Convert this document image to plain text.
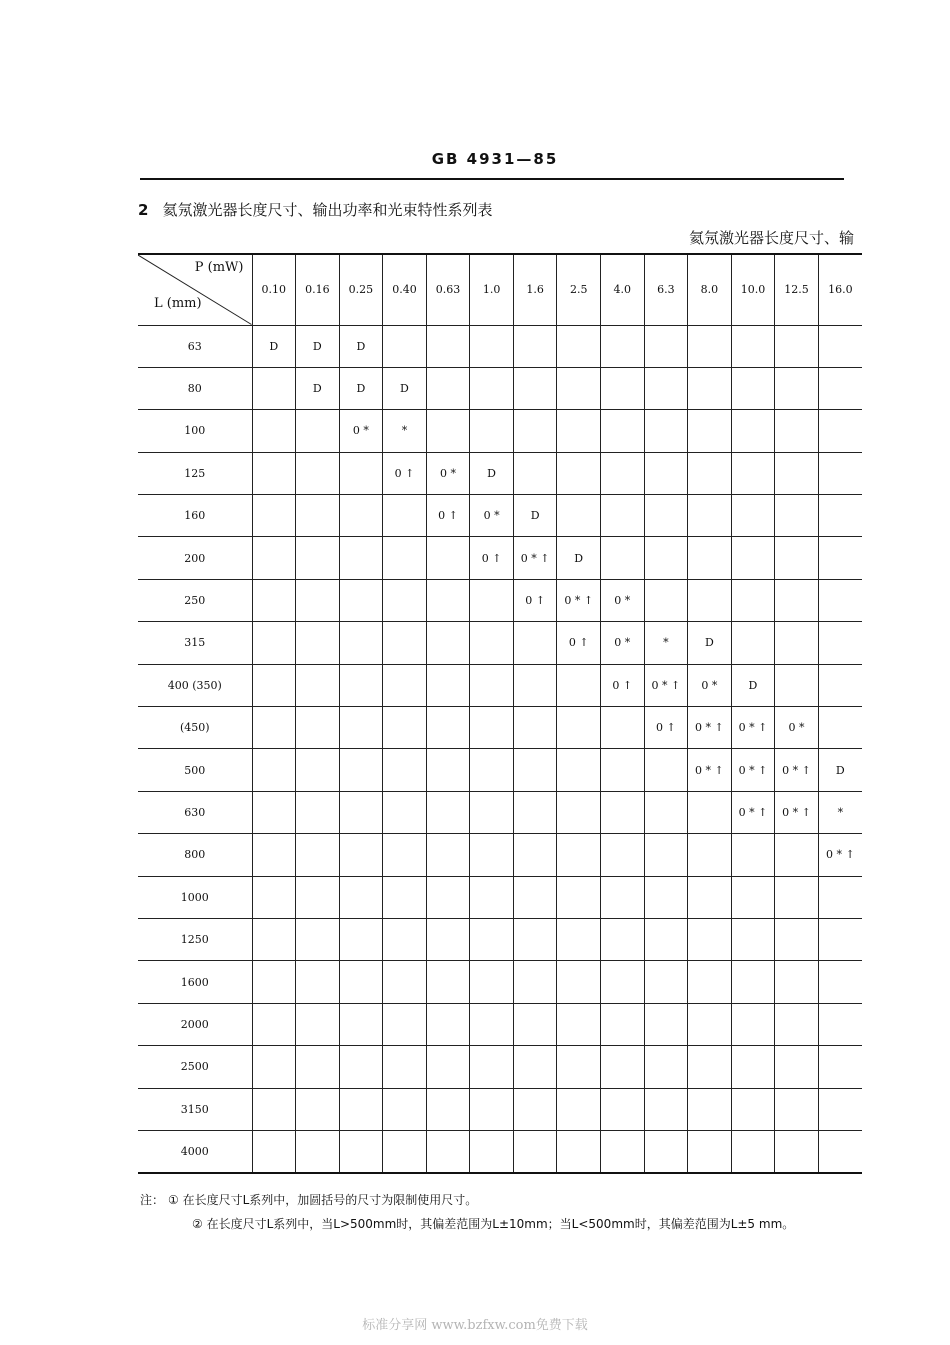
GB 4931—85
2 氦氖激光器长度尺寸、输出功率和光束特性系列表
氦氖激光器长度尺寸、输
P (mW)
L (mm)	0.10	0.16	0.25	0.40	0.63	1.0	1.6	2.5	4.0	6.3	8.0	10.0	12.5	16.0
63	D	D	D											
80		D	D	D										
100			0 *	*										
125				0 ↑	0 *	D								
160					0 ↑	0 *	D							
200						0 ↑	0 * ↑	D						
250							0 ↑	0 * ↑	0 *					
315								0 ↑	0 *	*	D			
400 (350)									0 ↑	0 * ↑	0 *	D		
(450)										0 ↑	0 * ↑	0 * ↑	0 *	
500											0 * ↑	0 * ↑	0 * ↑	D
630												0 * ↑	0 * ↑	*
800														0 * ↑
1000														
1250														
1600														
2000														
2500														
3150														
4000														
注： ① 在长度尺寸L系列中，加圆括号的尺寸为限制使用尺寸。
② 在长度尺寸L系列中，当L>500mm时，其偏差范围为L±10mm；当L<500mm时，其偏差范围为L±5 mm。
标准分享网 www.bzfxw.com免费下载
